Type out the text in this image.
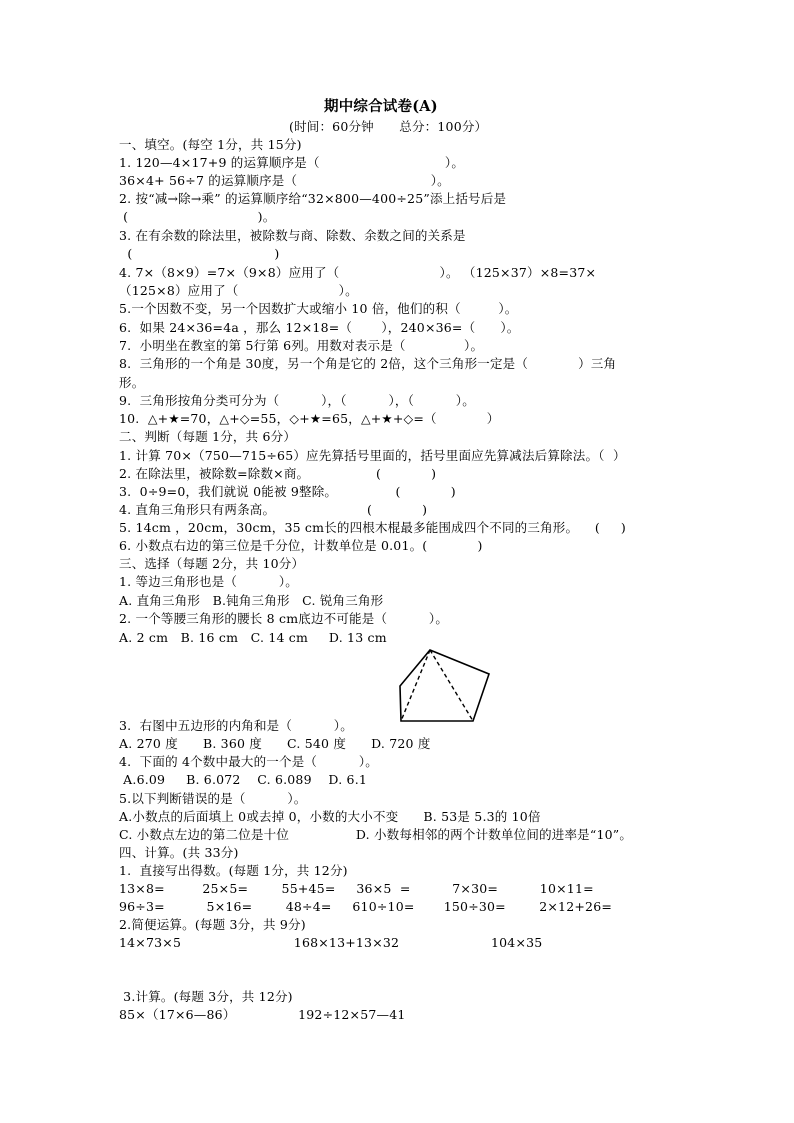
期中综合试卷(A)
(时间：60分钟　　总分：100分）
一、填空。(每空 1分，共 15分)
1. 120—4×17+9 的运算顺序是（                              ）。
36×4+ 56÷7 的运算顺序是（                                ）。
2. 按“减→除→乘” 的运算顺序给“32×800—400÷25”添上括号后是
(                               )。
3. 在有余数的除法里，被除数与商、除数、余数之间的关系是
(                                  )
4. 7×（8×9）=7×（9×8）应用了（                        ）。 （125×37）×8=37×
（125×8）应用了（                        ）。
5.一个因数不变，另一个因数扩大或缩小 10 倍，他们的积（         ）。
6.  如果 24×36=4a ，那么 12×18=（       ），240×36=（      ）。
7.  小明坐在教室的第 5行第 6列。用数对表示是（              ）。
8.  三角形的一个角是 30度，另一个角是它的 2倍，这个三角形一定是（            ）三角
形。
9.  三角形按角分类可分为（          ），（          ），（          ）。
10.  △+★=70，△+◇=55，◇+★=65，△+★+◇=（            ）
二、判断（每题 1分，共 6分）
1. 计算 70×（750—715÷65）应先算括号里面的，括号里面应先算减法后算除法。（  ）
2. 在除法里，被除数=除数×商。                (            )
3.  0÷9=0，我们就说 0能被 9整除。              (            )
4. 直角三角形只有两条高。                      (            )
5. 14cm ，20cm，30cm，35 cm长的四根木棍最多能围成四个不同的三角形。    (     )
6. 小数点右边的第三位是千分位，计数单位是 0.01。(            )
三、选择（每题 2分，共 10分）
1. 等边三角形也是（          ）。
A. 直角三角形   B.钝角三角形   C. 锐角三角形
2. 一个等腰三角形的腰长 8 cm底边不可能是（          ）。
A. 2 cm   B. 16 cm   C. 14 cm     D. 13 cm
3.  右图中五边形的内角和是（          ）。
A. 270 度      B. 360 度      C. 540 度      D. 720 度
4.  下面的 4个数中最大的一个是（          ）。
A.6.09     B. 6.072    C. 6.089    D. 6.1
5.以下判断错误的是（          ）。
A.小数点的后面填上 0或去掉 0，小数的大小不变      B. 53是 5.3的 10倍
C. 小数点左边的第二位是十位                D. 小数每相邻的两个计数单位间的进率是“10”。
四、计算。(共 33分)
1.  直接写出得数。(每题 1分，共 12分)
13×8=         25×5=        55+45=     36×5  =          7×30=          10×11=
96÷3=          5×16=        48÷4=     610÷10=       150÷30=        2×12+26=
2.简便运算。(每题 3分，共 9分)
14×73×5                           168×13+13×32                      104×35
3.计算。(每题 3分，共 12分)
85×（17×6—86）               192÷12×57—41
